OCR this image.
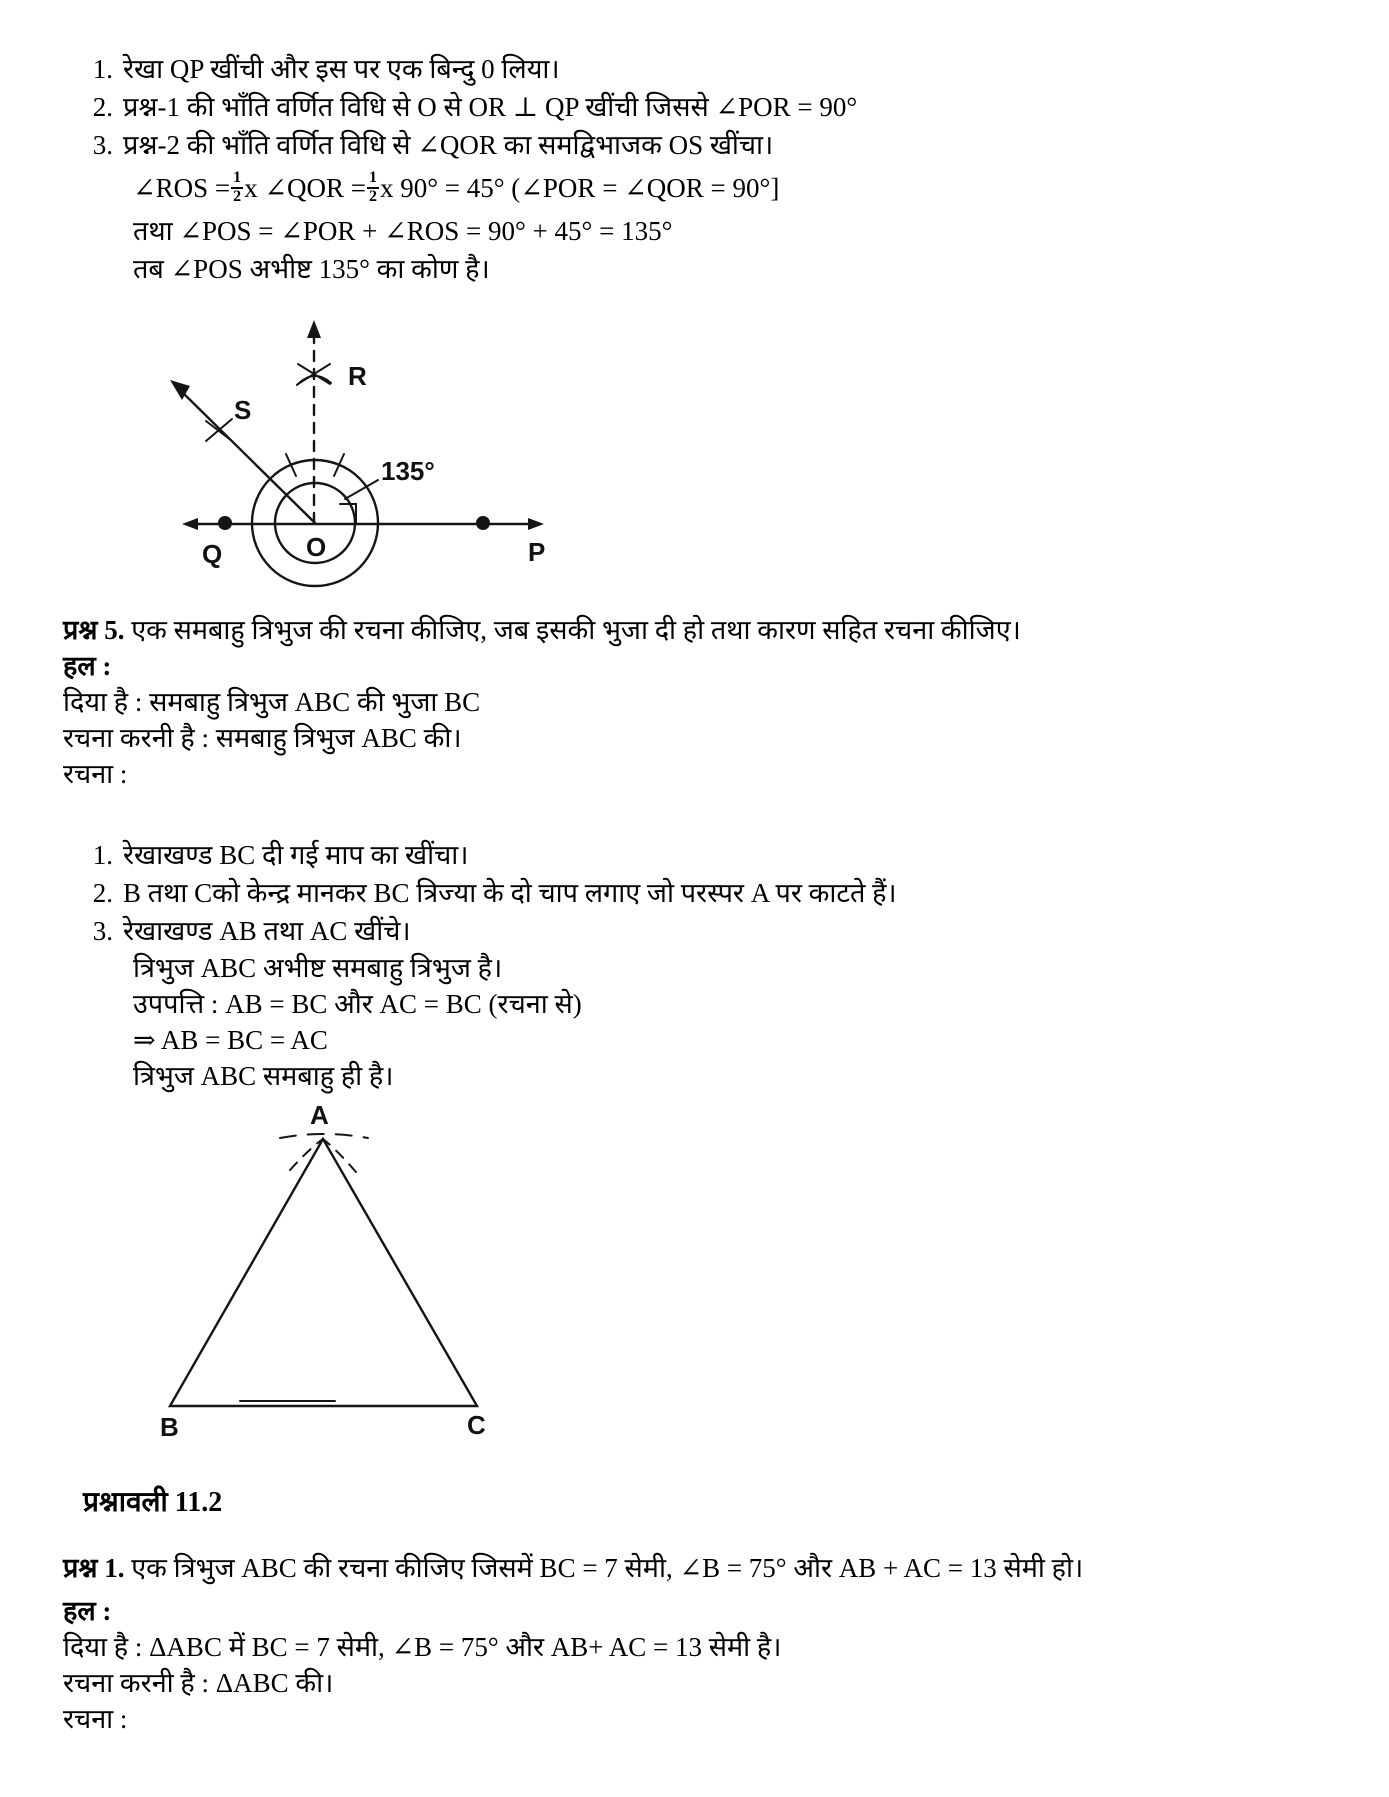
1. रेखा QP खींची और इस पर एक बिन्दु 0 लिया।
2. प्रश्न-1 की भाँति वर्णित विधि से O से OR ⊥ QP खींची जिससे ∠POR = 90°
3. प्रश्न-2 की भाँति वर्णित विधि से ∠QOR का समद्विभाजक OS खींचा।

∠ROS = $\frac{1}{2}$ x ∠QOR = $\frac{1}{2}$ x 90° = 45° (∠POR = ∠QOR = 90°]

तथा ∠POS = ∠POR + ∠ROS = 90° + 45° = 135°

तब ∠POS अभीष्ट 135° का कोण है।

R
S
135°
Q	O	P

प्रश्न 5. एक समबाहु त्रिभुज की रचना कीजिए, जब इसकी भुजा दी हो तथा कारण सहित रचना कीजिए।

हल :

दिया है : समबाहु त्रिभुज ABC की भुजा BC

रचना करनी है : समबाहु त्रिभुज ABC की।

रचना :

1. रेखाखण्ड BC दी गई माप का खींचा।
2. B तथा Cको केन्द्र मानकर BC त्रिज्या के दो चाप लगाए जो परस्पर A पर काटते हैं।
3. रेखाखण्ड AB तथा AC खींचे।

त्रिभुज ABC अभीष्ट समबाहु त्रिभुज है।

उपपत्ति : AB = BC और AC = BC (रचना से)

⇒ AB = BC = AC

त्रिभुज ABC समबाहु ही है।

A
B	C

प्रश्नावली 11.2

प्रश्न 1. एक त्रिभुज ABC की रचना कीजिए जिसमें BC = 7 सेमी, ∠B = 75° और AB + AC = 13 सेमी हो।

हल :

दिया है : ΔABC में BC = 7 सेमी, ∠B = 75° और AB+ AC = 13 सेमी है।

रचना करनी है : ΔABC की।

रचना :
